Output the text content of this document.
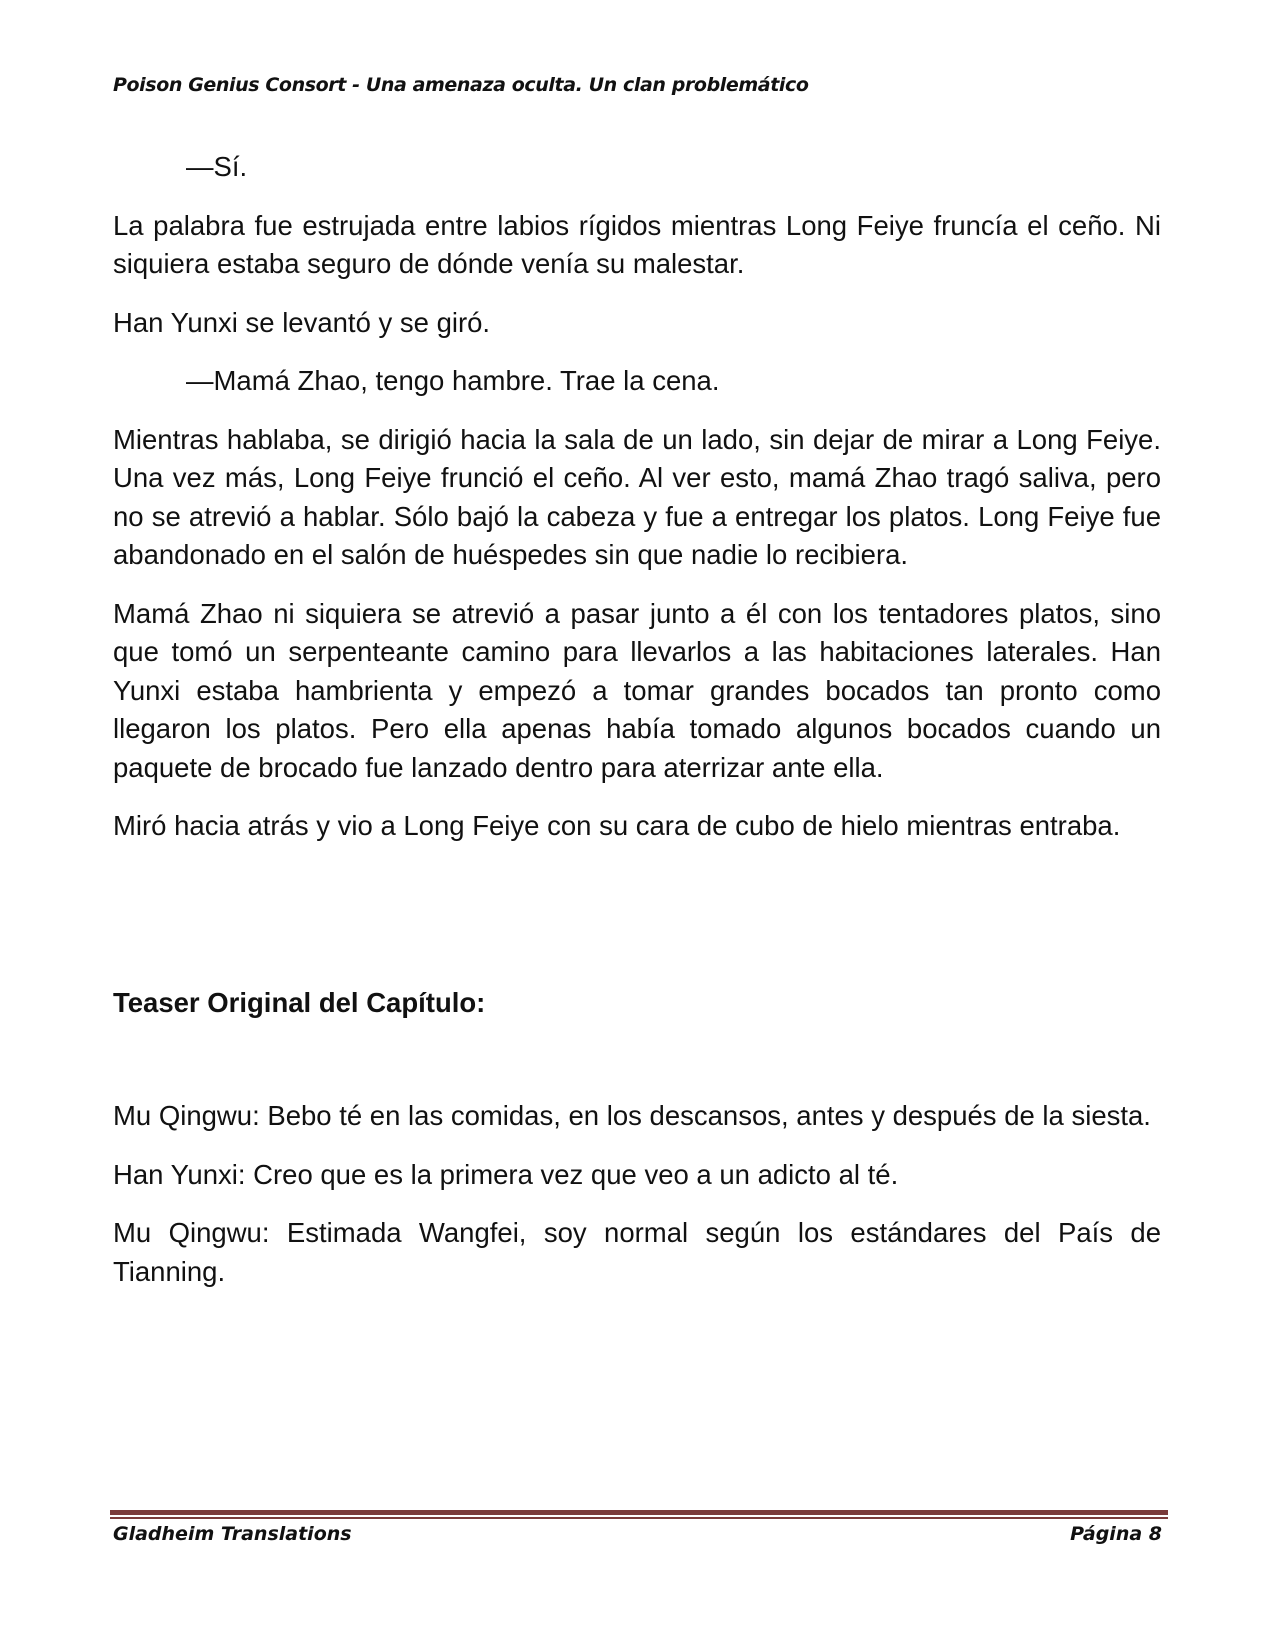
Poison Genius Consort - Una amenaza oculta. Un clan problemático

—Sí.

La palabra fue estrujada entre labios rígidos mientras Long Feiye fruncía el ceño. Ni siquiera estaba seguro de dónde venía su malestar.

Han Yunxi se levantó y se giró.

—Mamá Zhao, tengo hambre. Trae la cena.

Mientras hablaba, se dirigió hacia la sala de un lado, sin dejar de mirar a Long Feiye. Una vez más, Long Feiye frunció el ceño. Al ver esto, mamá Zhao tragó saliva, pero no se atrevió a hablar. Sólo bajó la cabeza y fue a entregar los platos. Long Feiye fue abandonado en el salón de huéspedes sin que nadie lo recibiera.

Mamá Zhao ni siquiera se atrevió a pasar junto a él con los tentadores platos, sino que tomó un serpenteante camino para llevarlos a las habitaciones laterales. Han Yunxi estaba hambrienta y empezó a tomar grandes bocados tan pronto como llegaron los platos. Pero ella apenas había tomado algunos bocados cuando un paquete de brocado fue lanzado dentro para aterrizar ante ella.

Miró hacia atrás y vio a Long Feiye con su cara de cubo de hielo mientras entraba.

Teaser Original del Capítulo:

Mu Qingwu: Bebo té en las comidas, en los descansos, antes y después de la siesta.

Han Yunxi: Creo que es la primera vez que veo a un adicto al té.

Mu Qingwu: Estimada Wangfei, soy normal según los estándares del País de Tianning.

Gladheim Translations	Página 8
